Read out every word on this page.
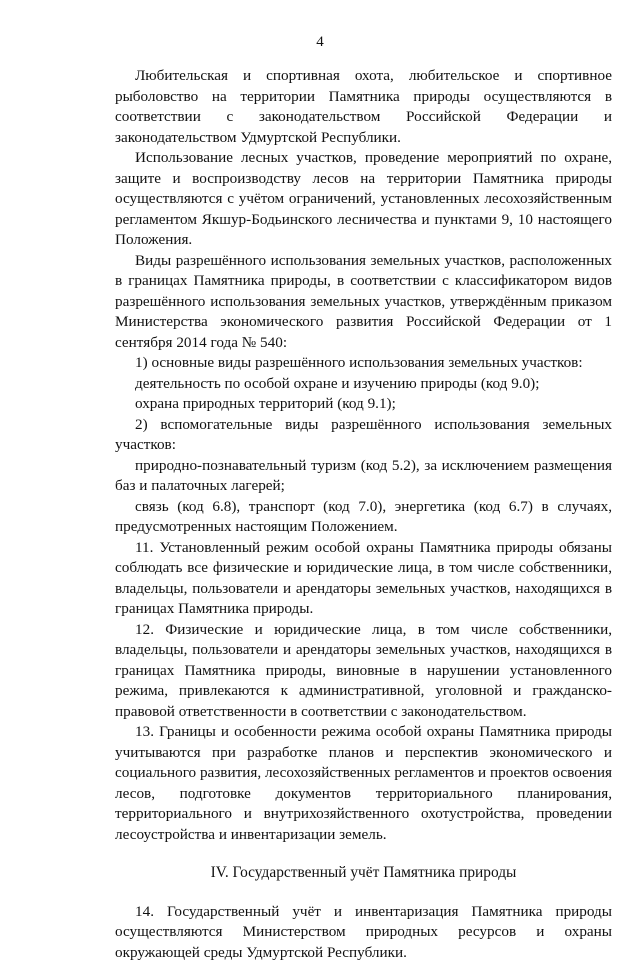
4

Любительская и спортивная охота, любительское и спортивное рыболовство на территории Памятника природы осуществляются в соответствии с законодательством Российской Федерации и законодательством Удмуртской Республики.

Использование лесных участков, проведение мероприятий по охране, защите и воспроизводству лесов на территории Памятника природы осуществляются с учётом ограничений, установленных лесохозяйственным регламентом Якшур-Бодьинского лесничества и пунктами 9, 10 настоящего Положения.

Виды разрешённого использования земельных участков, расположенных в границах Памятника природы, в соответствии с классификатором видов разрешённого использования земельных участков, утверждённым приказом Министерства экономического развития Российской Федерации от 1 сентября 2014 года № 540:

1) основные виды разрешённого использования земельных участков:

деятельность по особой охране и изучению природы (код 9.0);

охрана природных территорий (код 9.1);

2) вспомогательные виды разрешённого использования земельных участков:

природно-познавательный туризм (код 5.2), за исключением размещения баз и палаточных лагерей;

связь (код 6.8), транспорт (код 7.0), энергетика (код 6.7) в случаях, предусмотренных настоящим Положением.

11. Установленный режим особой охраны Памятника природы обязаны соблюдать все физические и юридические лица, в том числе собственники, владельцы, пользователи и арендаторы земельных участков, находящихся в границах Памятника природы.

12. Физические и юридические лица, в том числе собственники, владельцы, пользователи и арендаторы земельных участков, находящихся в границах Памятника природы, виновные в нарушении установленного режима, привлекаются к административной, уголовной и гражданско-правовой ответственности в соответствии с законодательством.

13. Границы и особенности режима особой охраны Памятника природы учитываются при разработке планов и перспектив экономического и социального развития, лесохозяйственных регламентов и проектов освоения лесов, подготовке документов территориального планирования, территориального и внутрихозяйственного охотустройства, проведении лесоустройства и инвентаризации земель.

IV. Государственный учёт Памятника природы

14. Государственный учёт и инвентаризация Памятника природы осуществляются Министерством природных ресурсов и охраны окружающей среды Удмуртской Республики.
